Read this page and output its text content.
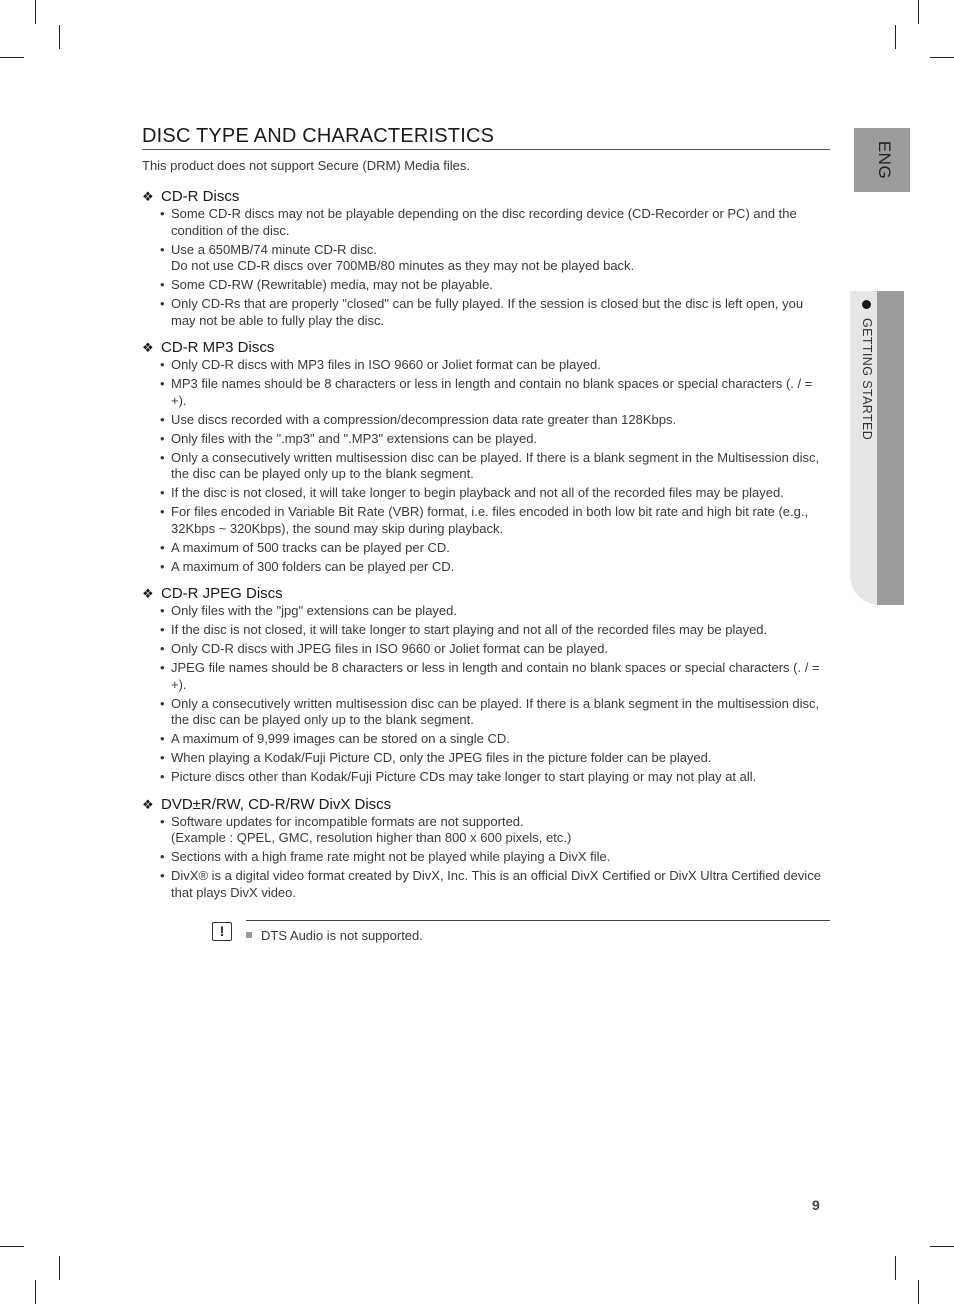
ENG
GETTING STARTED
DISC TYPE AND CHARACTERISTICS
This product does not support Secure (DRM) Media files.
❖ CD-R Discs
• Some CD-R discs may not be playable depending on the disc recording device (CD-Recorder or PC) and the condition of the disc.
• Use a 650MB/74 minute CD-R disc.
Do not use CD-R discs over 700MB/80 minutes as they may not be played back.
• Some CD-RW (Rewritable) media, may not be playable.
• Only CD-Rs that are properly "closed" can be fully played. If the session is closed but the disc is left open, you may not be able to fully play the disc.
❖ CD-R MP3 Discs
• Only CD-R discs with MP3 files in ISO 9660 or Joliet format can be played.
• MP3 file names should be 8 characters or less in length and contain no blank spaces or special characters (. / = +).
• Use discs recorded with a compression/decompression data rate greater than 128Kbps.
• Only files with the ".mp3" and ".MP3" extensions can be played.
• Only a consecutively written multisession disc can be played. If there is a blank segment in the Multisession disc, the disc can be played only up to the blank segment.
• If the disc is not closed, it will take longer to begin playback and not all of the recorded files may be played.
• For files encoded in Variable Bit Rate (VBR) format, i.e. files encoded in both low bit rate and high bit rate (e.g., 32Kbps ~ 320Kbps), the sound may skip during playback.
• A maximum of 500 tracks can be played per CD.
• A maximum of 300 folders can be played per CD.
❖ CD-R JPEG Discs
• Only files with the "jpg" extensions can be played.
• If the disc is not closed, it will take longer to start playing and not all of the recorded files may be played.
• Only CD-R discs with JPEG files in ISO 9660 or Joliet format can be played.
• JPEG file names should be 8 characters or less in length and contain no blank spaces or special characters (. / = +).
• Only a consecutively written multisession disc can be played. If there is a blank segment in the multisession disc, the disc can be played only up to the blank segment.
• A maximum of 9,999 images can be stored on a single CD.
• When playing a Kodak/Fuji Picture CD, only the JPEG files in the picture folder can be played.
• Picture discs other than Kodak/Fuji Picture CDs may take longer to start playing or may not play at all.
❖ DVD±R/RW, CD-R/RW DivX Discs
• Software updates for incompatible formats are not supported.
(Example : QPEL, GMC, resolution higher than 800 x 600 pixels, etc.)
• Sections with a high frame rate might not be played while playing a DivX file.
• DivX® is a digital video format created by DivX, Inc. This is an official DivX Certified or DivX Ultra Certified device that plays DivX video.
!	DTS Audio is not supported.
9
